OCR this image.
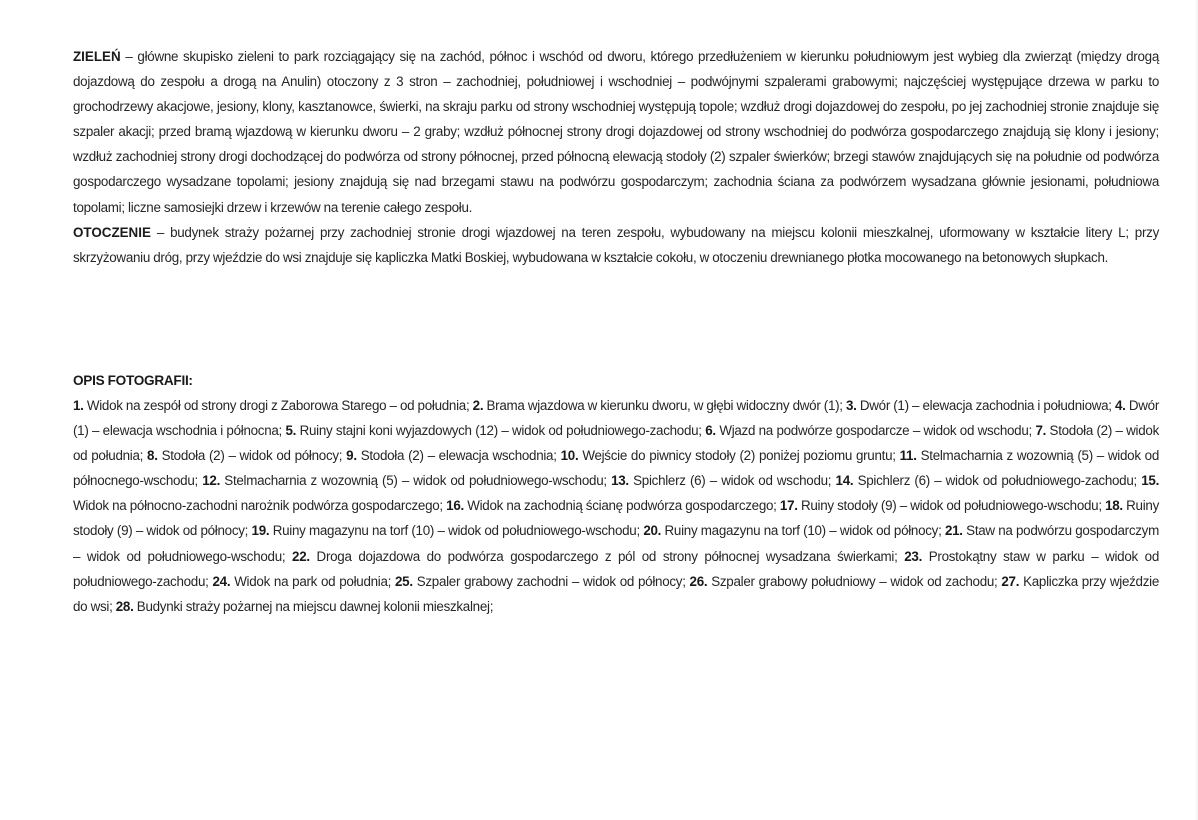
ZIELEŃ – główne skupisko zieleni to park rozciągający się na zachód, północ i wschód od dworu, którego przedłużeniem w kierunku południowym jest wybieg dla zwierząt (między drogą dojazdową do zespołu a drogą na Anulin) otoczony z 3 stron – zachodniej, południowej i wschodniej – podwójnymi szpalerami grabowymi; najczęściej występujące drzewa w parku to grochodrzewy akacjowe, jesiony, klony, kasztanowce, świerki, na skraju parku od strony wschodniej występują topole; wzdłuż drogi dojazdowej do zespołu, po jej zachodniej stronie znajduje się szpaler akacji; przed bramą wjazdową w kierunku dworu – 2 graby; wzdłuż północnej strony drogi dojazdowej od strony wschodniej do podwórza gospodarczego znajdują się klony i jesiony; wzdłuż zachodniej strony drogi dochodzącej do podwórza od strony północnej, przed północną elewacją stodoły (2) szpaler świerków; brzegi stawów znajdujących się na południe od podwórza gospodarczego wysadzane topolami; jesiony znajdują się nad brzegami stawu na podwórzu gospodarczym; zachodnia ściana za podwórzem wysadzana głównie jesionami, południowa topolami; liczne samosiejki drzew i krzewów na terenie całego zespołu.

OTOCZENIE – budynek straży pożarnej przy zachodniej stronie drogi wjazdowej na teren zespołu, wybudowany na miejscu kolonii mieszkalnej, uformowany w kształcie litery L; przy skrzyżowaniu dróg, przy wjeździe do wsi znajduje się kapliczka Matki Boskiej, wybudowana w kształcie cokołu, w otoczeniu drewnianego płotka mocowanego na betonowych słupkach.

OPIS FOTOGRAFII:

1. Widok na zespół od strony drogi z Zaborowa Starego – od południa; 2. Brama wjazdowa w kierunku dworu, w głębi widoczny dwór (1); 3. Dwór (1) – elewacja zachodnia i południowa; 4. Dwór (1) – elewacja wschodnia i północna; 5. Ruiny stajni koni wyjazdowych (12) – widok od południowego-zachodu; 6. Wjazd na podwórze gospodarcze – widok od wschodu; 7. Stodoła (2) – widok od południa; 8. Stodoła (2) – widok od północy; 9. Stodoła (2) – elewacja wschodnia; 10. Wejście do piwnicy stodoły (2) poniżej poziomu gruntu; 11. Stelmacharnia z wozownią (5) – widok od północnego-wschodu; 12. Stelmacharnia z wozownią (5) – widok od południowego-wschodu; 13. Spichlerz (6) – widok od wschodu; 14. Spichlerz (6) – widok od południowego-zachodu; 15. Widok na północno-zachodni narożnik podwórza gospodarczego; 16. Widok na zachodnią ścianę podwórza gospodarczego; 17. Ruiny stodoły (9) – widok od południowego-wschodu; 18. Ruiny stodoły (9) – widok od północy; 19. Ruiny magazynu na torf (10) – widok od południowego-wschodu; 20. Ruiny magazynu na torf (10) – widok od północy; 21. Staw na podwórzu gospodarczym – widok od południowego-wschodu; 22. Droga dojazdowa do podwórza gospodarczego z pól od strony północnej wysadzana świerkami; 23. Prostokątny staw w parku – widok od południowego-zachodu; 24. Widok na park od południa; 25. Szpaler grabowy zachodni – widok od północy; 26. Szpaler grabowy południowy – widok od zachodu; 27. Kapliczka przy wjeździe do wsi; 28. Budynki straży pożarnej na miejscu dawnej kolonii mieszkalnej;
